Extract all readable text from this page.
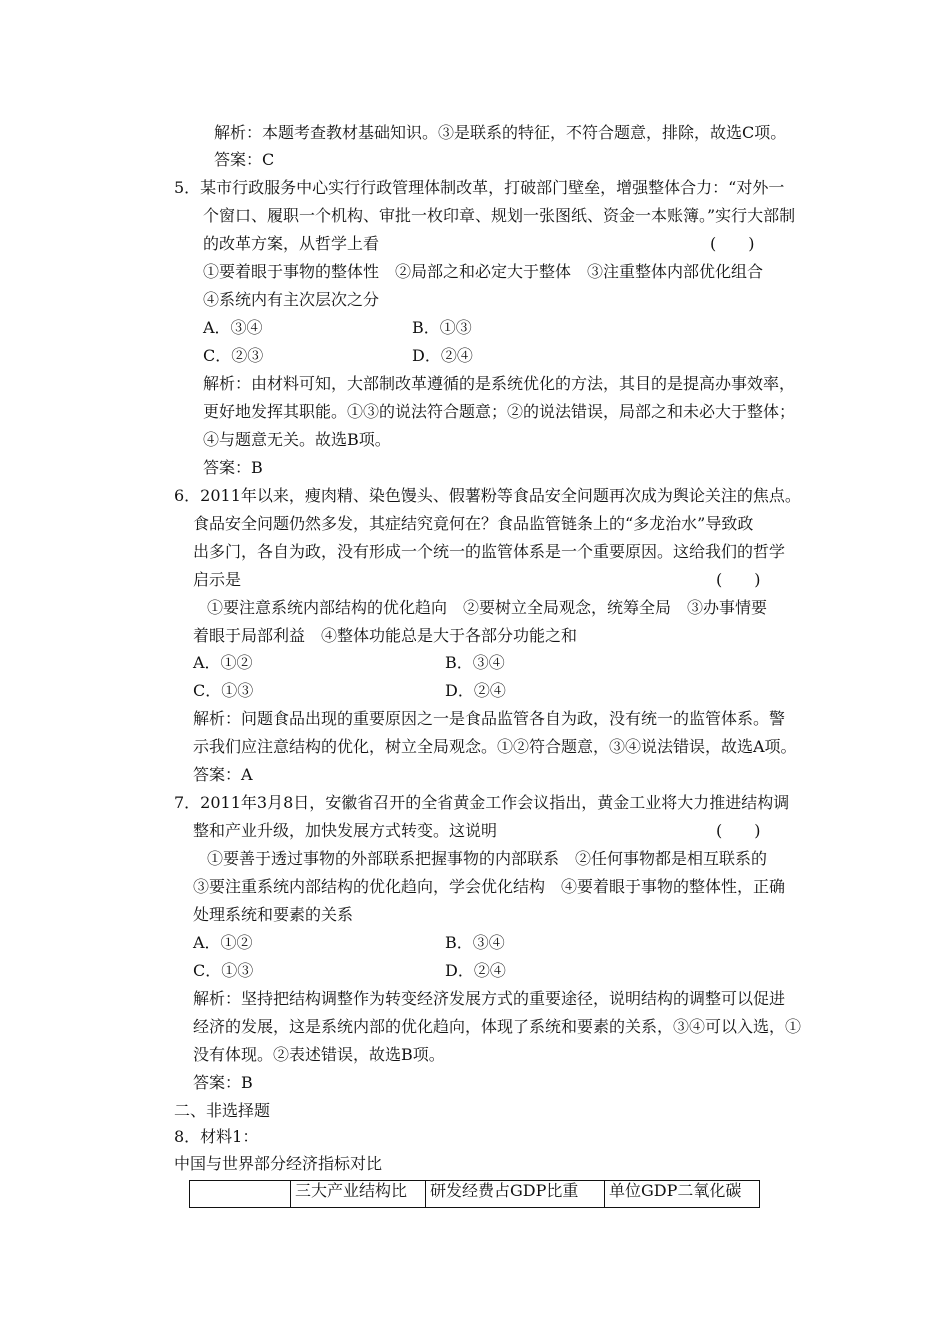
解析：本题考查教材基础知识。③是联系的特征，不符合题意，排除，故选C项。
答案：C
5．某市行政服务中心实行行政管理体制改革，打破部门壁垒，增强整体合力：“对外一
个窗口、履职一个机构、审批一枚印章、规划一张图纸、资金一本账簿。”实行大部制
的改革方案，从哲学上看	(　　)
①要着眼于事物的整体性　②局部之和必定大于整体　③注重整体内部优化组合
④系统内有主次层次之分
A．③④	B．①③
C．②③	D．②④
解析：由材料可知，大部制改革遵循的是系统优化的方法，其目的是提高办事效率，
更好地发挥其职能。①③的说法符合题意；②的说法错误，局部之和未必大于整体；
④与题意无关。故选B项。
答案：B
6．2011年以来，瘦肉精、染色馒头、假薯粉等食品安全问题再次成为舆论关注的焦点。
食品安全问题仍然多发，其症结究竟何在？食品监管链条上的“多龙治水”导致政
出多门，各自为政，没有形成一个统一的监管体系是一个重要原因。这给我们的哲学
启示是	(　　)
①要注意系统内部结构的优化趋向　②要树立全局观念，统筹全局　③办事情要
着眼于局部利益　④整体功能总是大于各部分功能之和
A．①②	B．③④
C．①③	D．②④
解析：问题食品出现的重要原因之一是食品监管各自为政，没有统一的监管体系。警
示我们应注意结构的优化，树立全局观念。①②符合题意，③④说法错误，故选A项。
答案：A
7．2011年3月8日，安徽省召开的全省黄金工作会议指出，黄金工业将大力推进结构调
整和产业升级，加快发展方式转变。这说明	(　　)
①要善于透过事物的外部联系把握事物的内部联系　②任何事物都是相互联系的
③要注重系统内部结构的优化趋向，学会优化结构　④要着眼于事物的整体性，正确
处理系统和要素的关系
A．①②	B．③④
C．①③	D．②④
解析：坚持把结构调整作为转变经济发展方式的重要途径，说明结构的调整可以促进
经济的发展，这是系统内部的优化趋向，体现了系统和要素的关系，③④可以入选，①
没有体现。②表述错误，故选B项。
答案：B
二、非选择题
8．材料1：
中国与世界部分经济指标对比
	三大产业结构比	研发经费占GDP比重	单位GDP二氧化碳
